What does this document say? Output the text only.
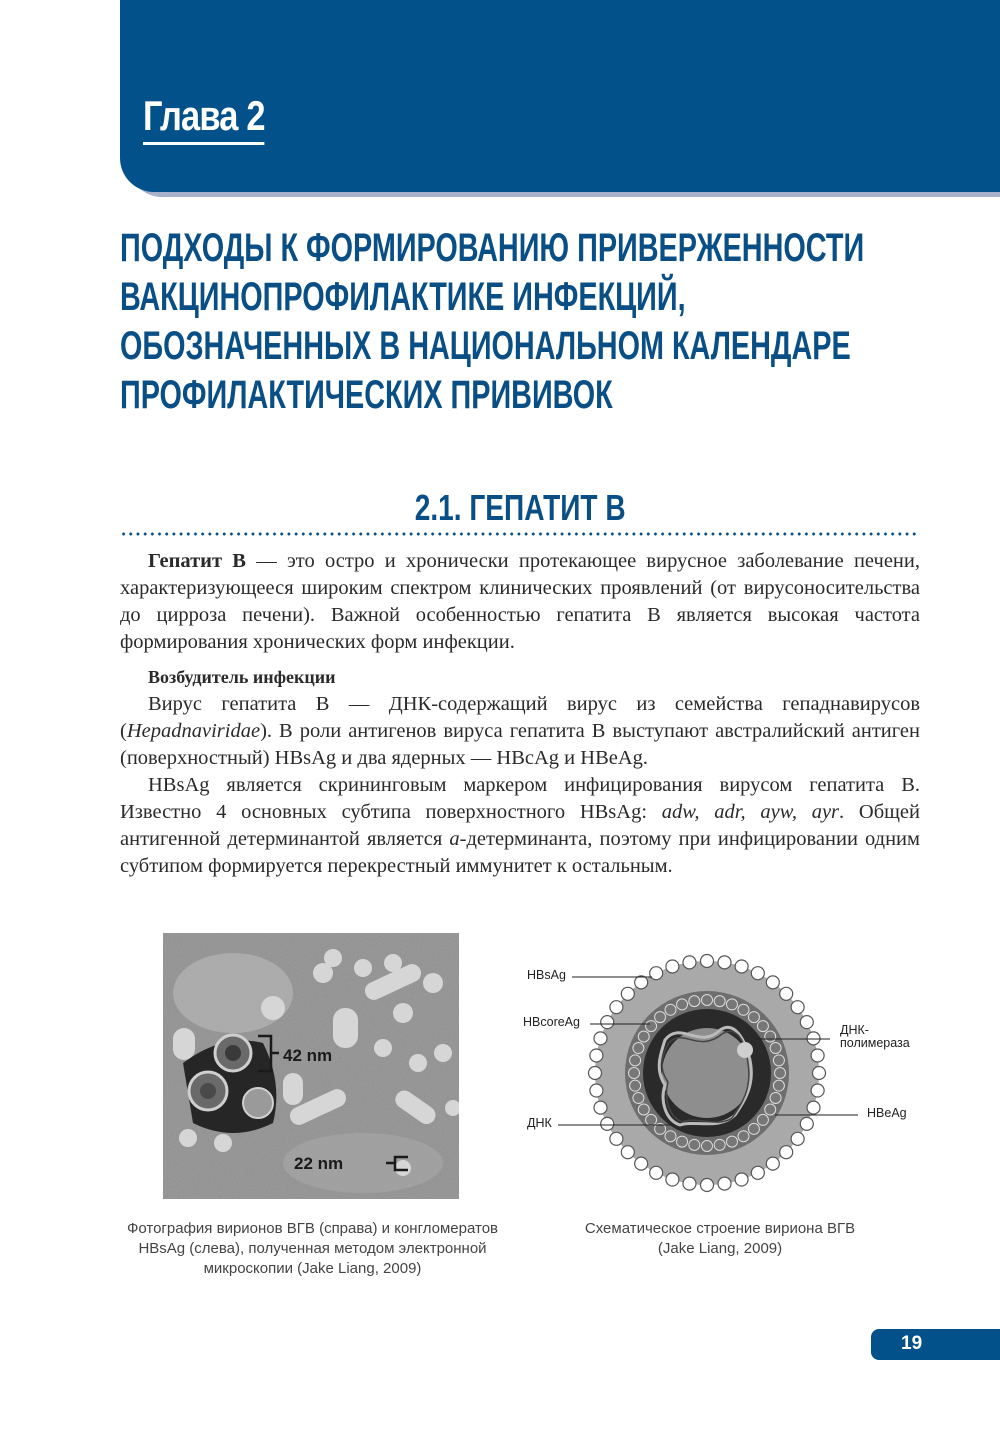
Глава 2
ПОДХОДЫ К ФОРМИРОВАНИЮ ПРИВЕРЖЕННОСТИ
ВАКЦИНОПРОФИЛАКТИКЕ ИНФЕКЦИЙ,
ОБОЗНАЧЕННЫХ В НАЦИОНАЛЬНОМ КАЛЕНДАРЕ
ПРОФИЛАКТИЧЕСКИХ ПРИВИВОК
2.1. ГЕПАТИТ В

Гепатит В — это остро и хронически протекающее вирусное заболевание печени, характеризующееся широким спектром клинических проявлений (от вирусоносительства до цирроза печени). Важной особенностью гепатита В является высокая частота формирования хронических форм инфекции.

Возбудитель инфекции

Вирус гепатита В — ДНК-содержащий вирус из семейства гепаднавирусов (Hepadnaviridae). В роли антигенов вируса гепатита В выступают австралийский антиген (поверхностный) HBsAg и два ядерных — HBcAg и HBeAg.

HBsAg является скрининговым маркером инфицирования вирусом гепатита В. Известно 4 основных субтипа поверхностного HBsAg: adw, adr, ayw, ayr. Общей антигенной детерминантой является а-детерминанта, поэтому при инфицировании одним субтипом формируется перекрестный иммунитет к остальным.

42 nm
22 nm
Фотография вирионов ВГВ (справа) и конгломератов HBsAg (слева), полученная методом электронной микроскопии (Jake Liang, 2009)
HBsAg
HBcoreAg
ДНК-
полимераза
ДНК
HBeAg
Схематическое строение вириона ВГВ
(Jake Liang, 2009)
19
